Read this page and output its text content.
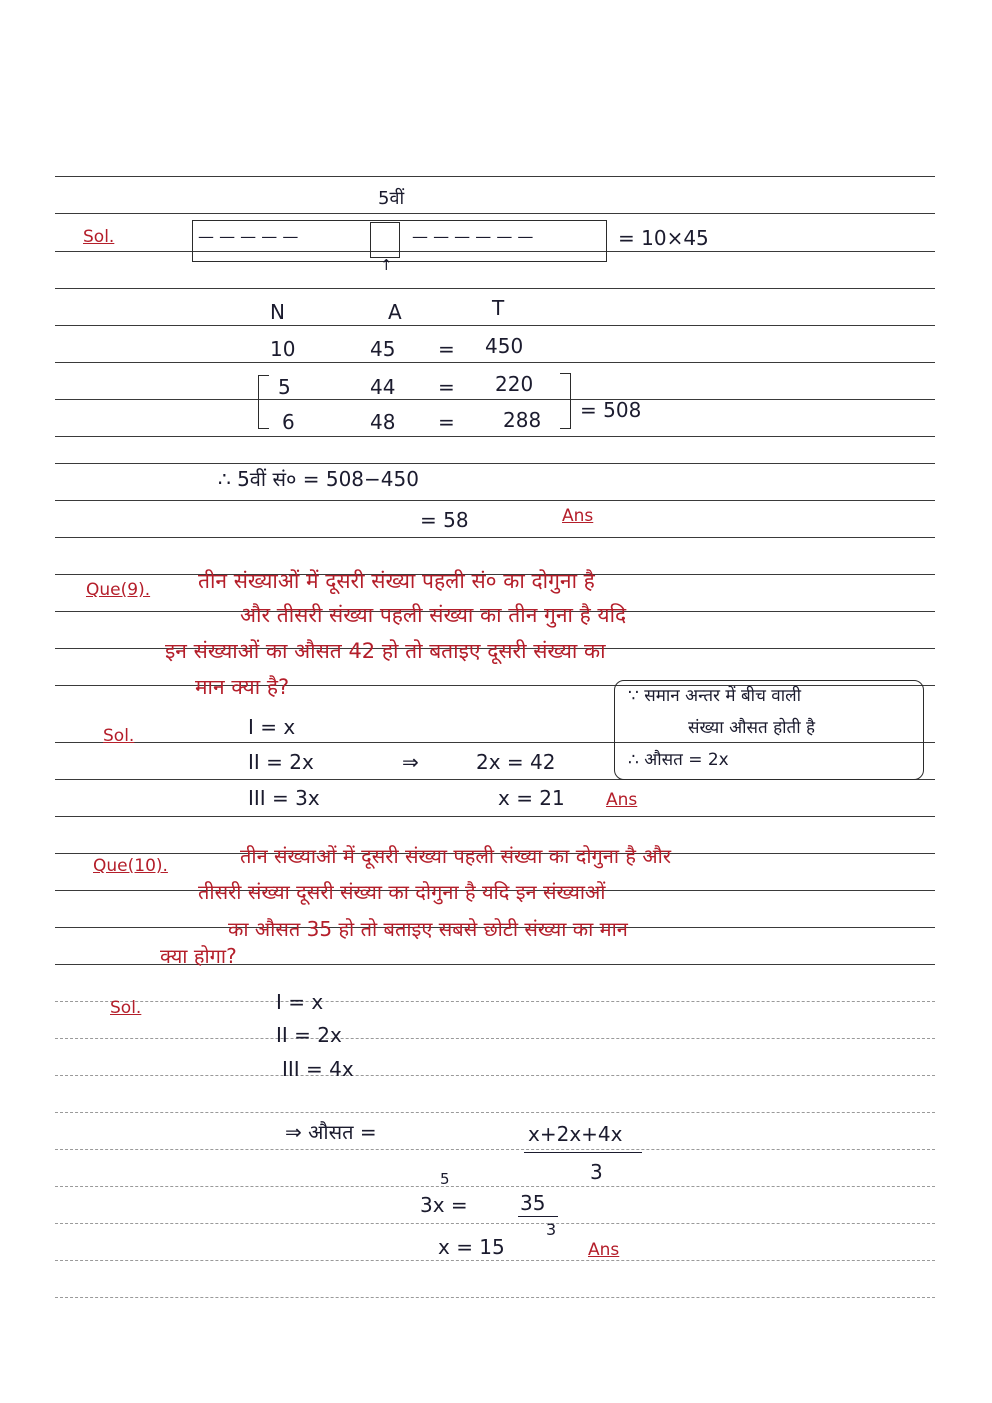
Sol.
5वीं
— — — — —	— — — — — —
↑
= 10×45
N	A	T
10	45 = 450
5	44 = 220
6	48 = 288 = 508
∴ 5वीं सं० = 508−450
= 58	Ans
Que(9). तीन संख्याओं में दूसरी संख्या पहली सं० का दोगुना है
और तीसरी संख्या पहली संख्या का तीन गुना है यदि
इन संख्याओं का औसत 42 हो तो बताइए दूसरी संख्या का
मान क्या है?
Sol.	I = x
II = 2x	⇒	2x = 42
III = 3x	x = 21 Ans
∵ समान अन्तर में बीच वाली
संख्या औसत होती है
∴ औसत = 2x
Que(10).	तीन संख्याओं में दूसरी संख्या पहली संख्या का दोगुना है और
तीसरी संख्या दूसरी संख्या का दोगुना है यदि इन संख्याओं
का औसत 35 हो तो बताइए सबसे छोटी संख्या का मान
क्या होगा?
Sol.	I = x
II = 2x
III = 4x
⇒ औसत =	x+2x+4x
3
5
3x =	35
3
x = 15	Ans
